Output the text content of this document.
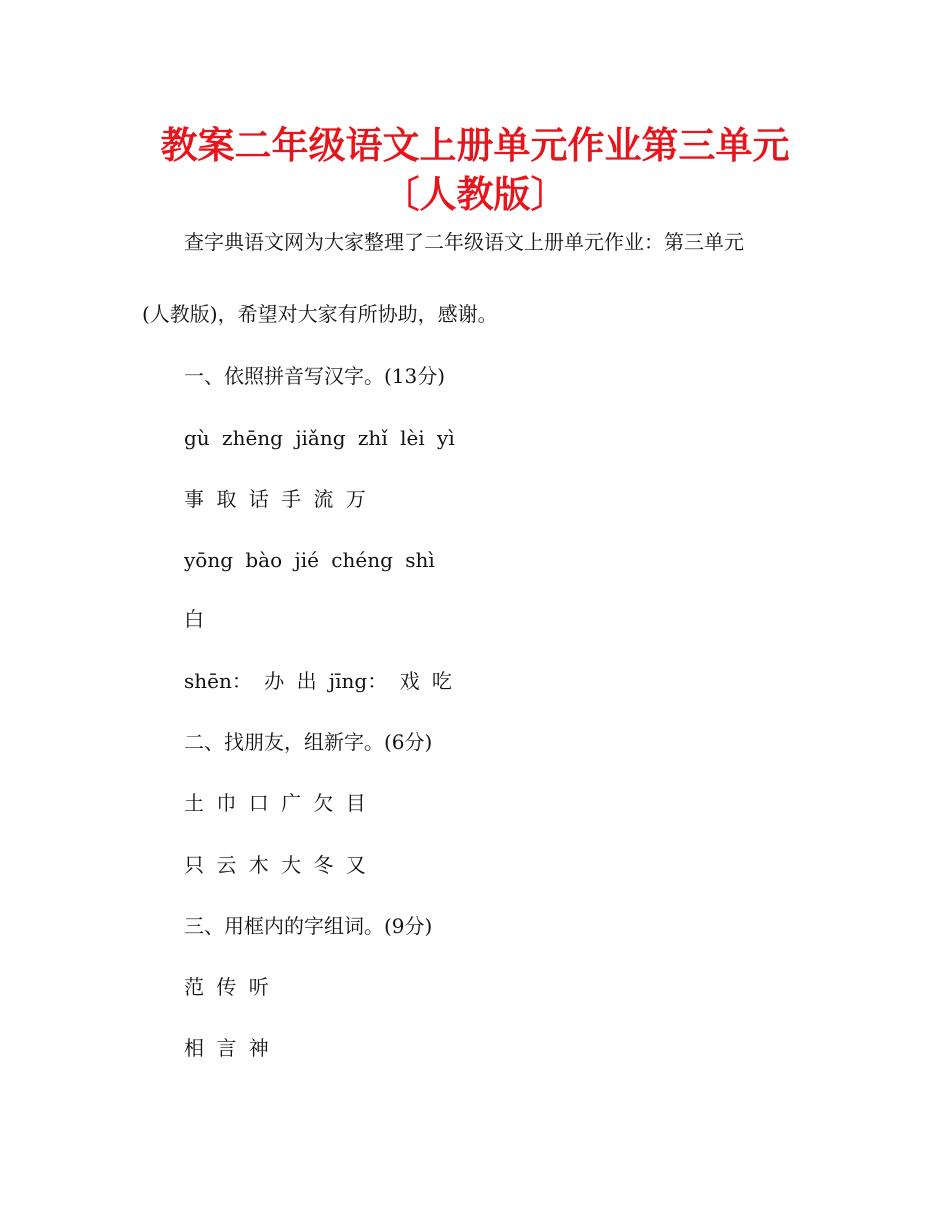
教案二年级语文上册单元作业第三单元
〔人教版〕
查字典语文网为大家整理了二年级语文上册单元作业：第三单元
(人教版)，希望对大家有所协助，感谢。
一、依照拼音写汉字。(13分)
gù zhēng jiǎng zhǐ lèi yì
事 取 话 手 流 万
yōng bào jié chéng shì
白
shēn： 办 出 jīng： 戏 吃
二、找朋友，组新字。(6分)
土 巾 口 广 欠 目
只 云 木 大 冬 又
三、用框内的字组词。(9分)
范 传 听
相 言 神
